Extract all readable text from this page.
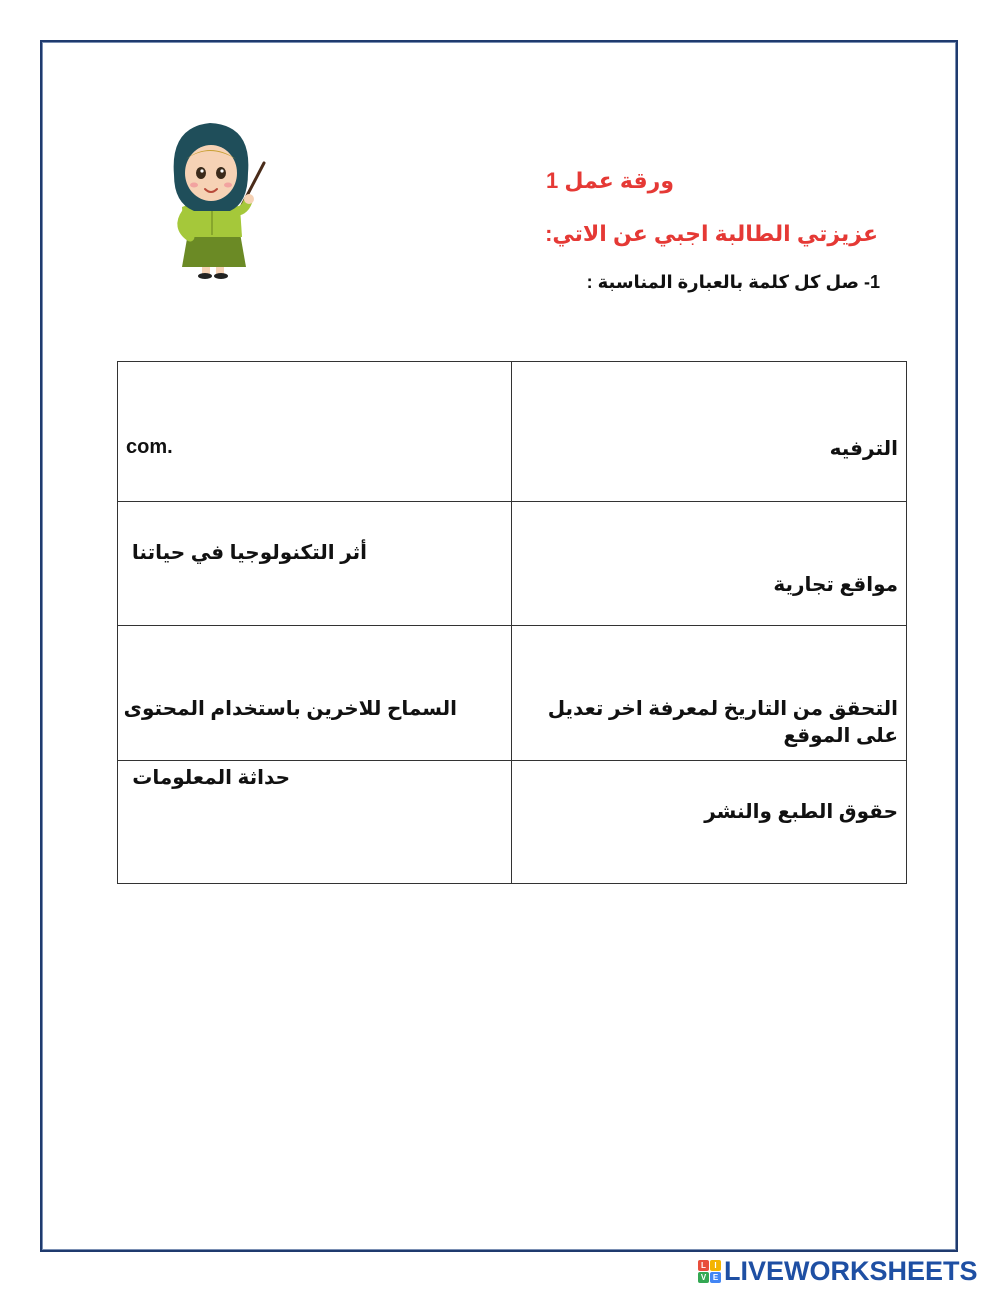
ورقة عمل 1
عزيزتي الطالبة اجبي عن الاتي:
1- صل كل كلمة بالعبارة المناسبة :
.com	الترفيه

أثر التكنولوجيا في حياتنا	مواقع تجارية

السماح للاخرين باستخدام المحتوى	التحقق من التاريخ لمعرفة اخر تعديل على الموقع

حداثة المعلومات	حقوق الطبع والنشر
L	I
V E LIVEWORKSHEETS
